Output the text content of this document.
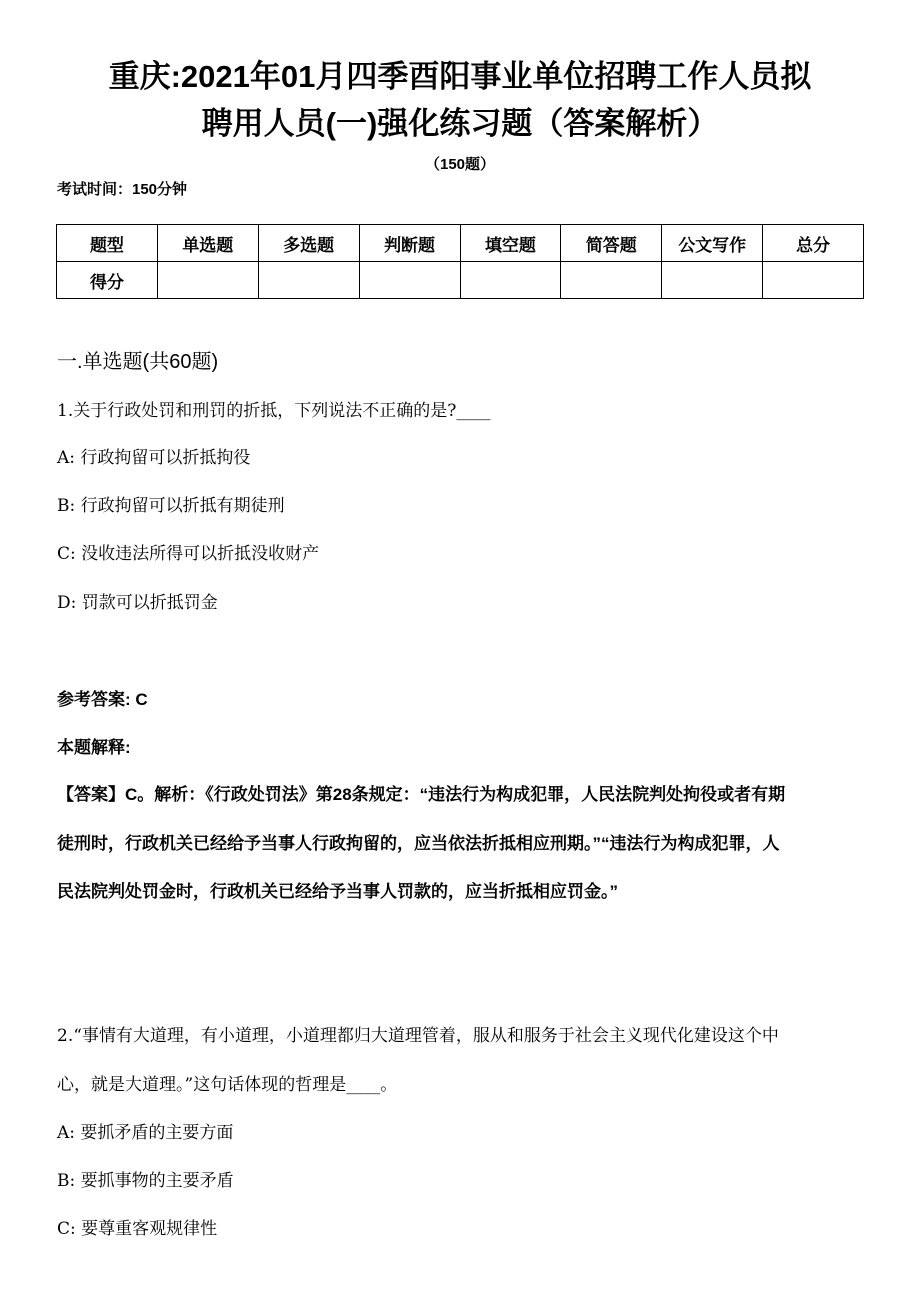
重庆:2021年01月四季酉阳事业单位招聘工作人员拟
聘用人员(一)强化练习题（答案解析）
（150题）
考试时间：150分钟
题型	单选题	多选题	判断题	填空题	简答题	公文写作	总分
得分							
一.单选题(共60题)
1.关于行政处罚和刑罚的折抵，下列说法不正确的是?____
A: 行政拘留可以折抵拘役
B: 行政拘留可以折抵有期徒刑
C: 没收违法所得可以折抵没收财产
D: 罚款可以折抵罚金
参考答案: C
本题解释:
【答案】C。解析：《行政处罚法》第28条规定：“违法行为构成犯罪，人民法院判处拘役或者有期
徒刑时，行政机关已经给予当事人行政拘留的，应当依法折抵相应刑期。”“违法行为构成犯罪，人
民法院判处罚金时，行政机关已经给予当事人罚款的，应当折抵相应罚金。”
2.“事情有大道理，有小道理，小道理都归大道理管着，服从和服务于社会主义现代化建设这个中
心，就是大道理。”这句话体现的哲理是____。
A: 要抓矛盾的主要方面
B: 要抓事物的主要矛盾
C: 要尊重客观规律性
